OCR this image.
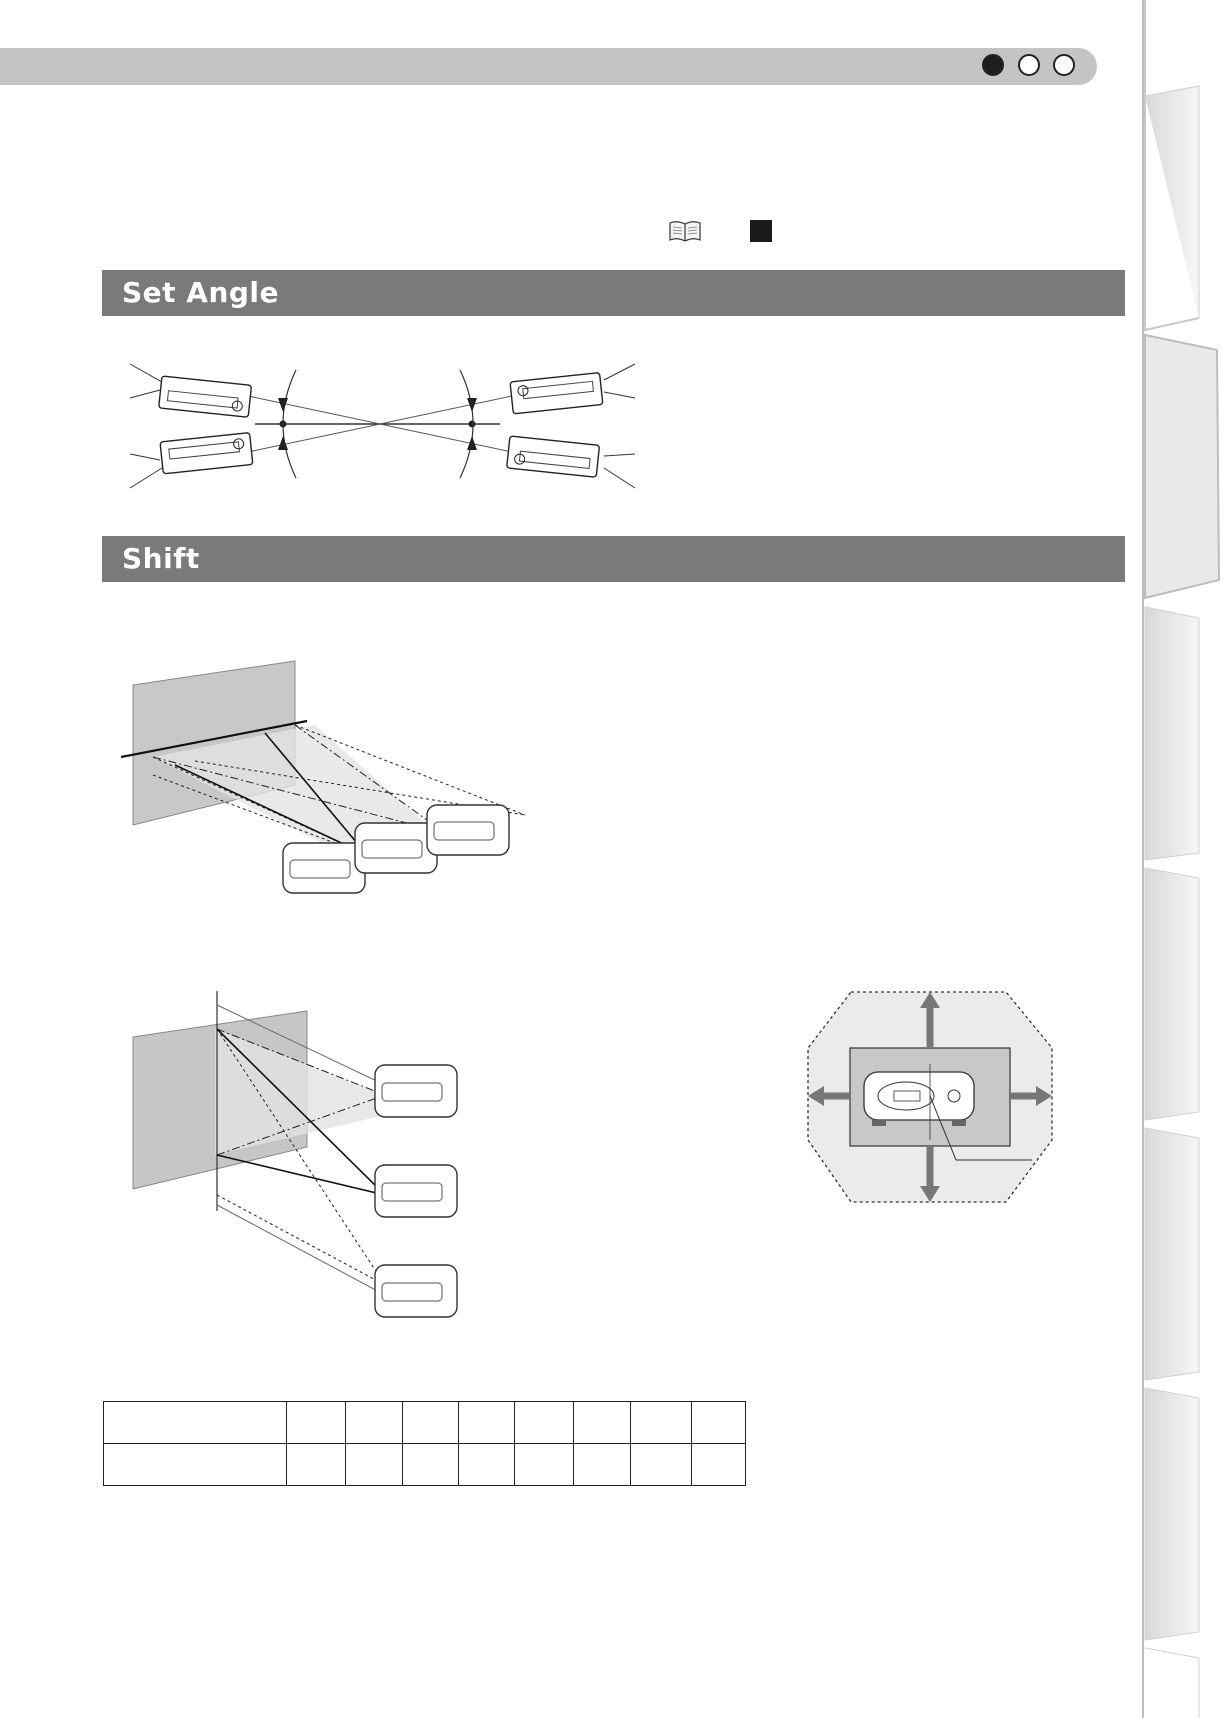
Set Angle
Shift
